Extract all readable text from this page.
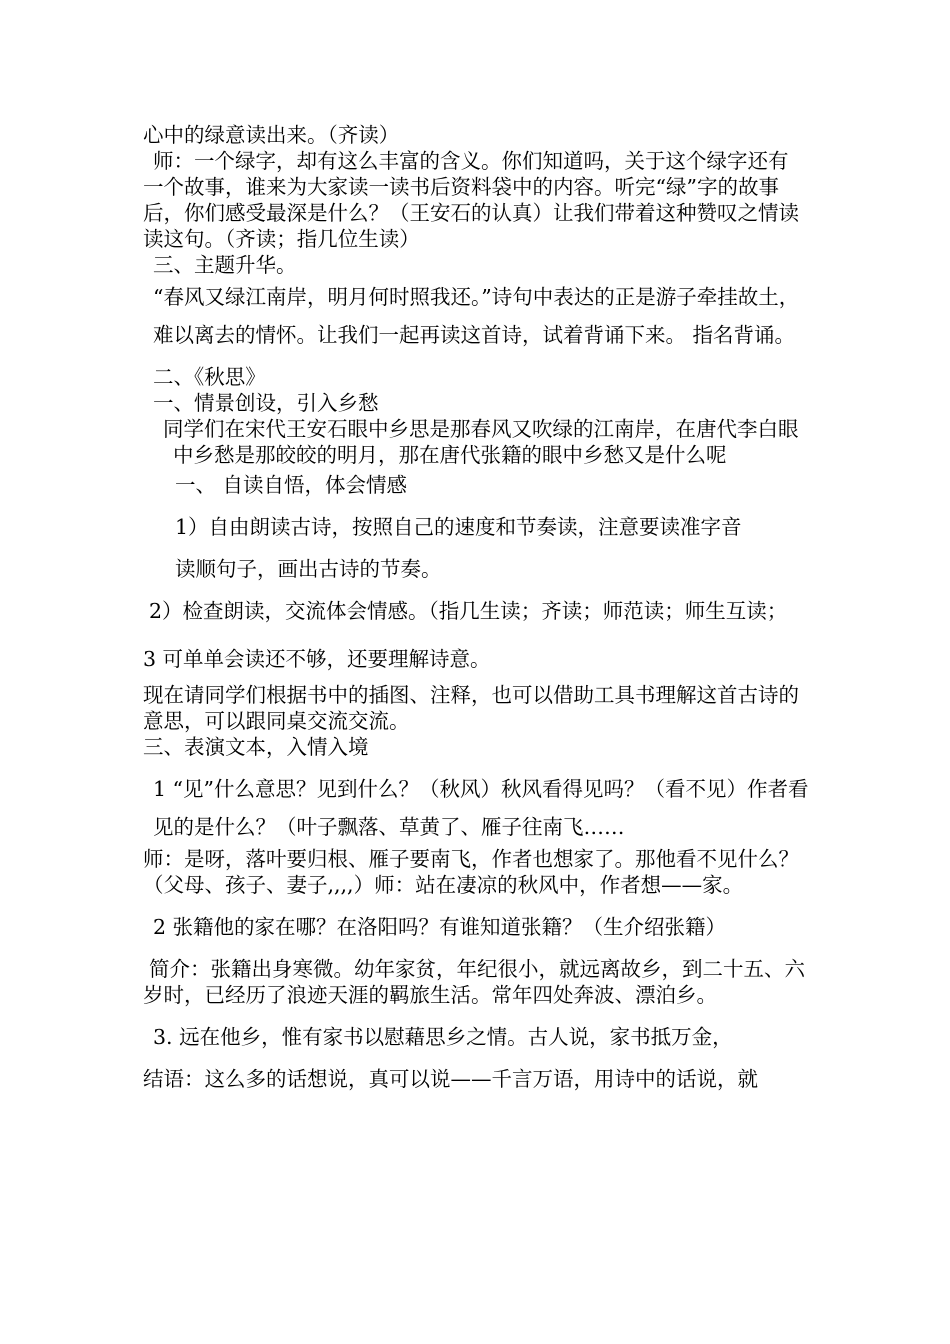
心中的绿意读出来。（齐读）

师：一个绿字，却有这么丰富的含义。你们知道吗，关于这个绿字还有

一个故事，谁来为大家读一读书后资料袋中的内容。听完“绿”字的故事后，你们感受最深是什么？（王安石的认真）让我们带着这种赞叹之情读读这句。（齐读；指几位生读）

三、主题升华。

“春风又绿江南岸，明月何时照我还。”诗句中表达的正是游子牵挂故土，难以离去的情怀。让我们一起再读这首诗，试着背诵下来。 指名背诵。

二、《秋思》

一、情景创设，引入乡愁

同学们在宋代王安石眼中乡思是那春风又吹绿的江南岸，在唐代李白眼中乡愁是那皎皎的明月，那在唐代张籍的眼中乡愁又是什么呢

一、 自读自悟，体会情感

1）自由朗读古诗，按照自己的速度和节奏读，注意要读准字音

读顺句子，画出古诗的节奏。

2）检查朗读，交流体会情感。（指几生读；齐读；师范读；师生互读；

3 可单单会读还不够，还要理解诗意。

现在请同学们根据书中的插图、注释，也可以借助工具书理解这首古诗的意思，可以跟同桌交流交流。

三、表演文本，入情入境

1 “见”什么意思？见到什么？（秋风）秋风看得见吗？（看不见）作者看见的是什么？（叶子飘落、草黄了、雁子往南飞……

师：是呀，落叶要归根、雁子要南飞，作者也想家了。那他看不见什么？（父母、孩子、妻子,,,,）师：站在凄凉的秋风中，作者想——家。

2 张籍他的家在哪？在洛阳吗？有谁知道张籍？（生介绍张籍）

简介：张籍出身寒微。幼年家贫，年纪很小，就远离故乡，到二十五、六岁时，已经历了浪迹天涯的羁旅生活。常年四处奔波、漂泊乡。

3. 远在他乡，惟有家书以慰藉思乡之情。古人说，家书抵万金，

结语：这么多的话想说，真可以说——千言万语，用诗中的话说，就
